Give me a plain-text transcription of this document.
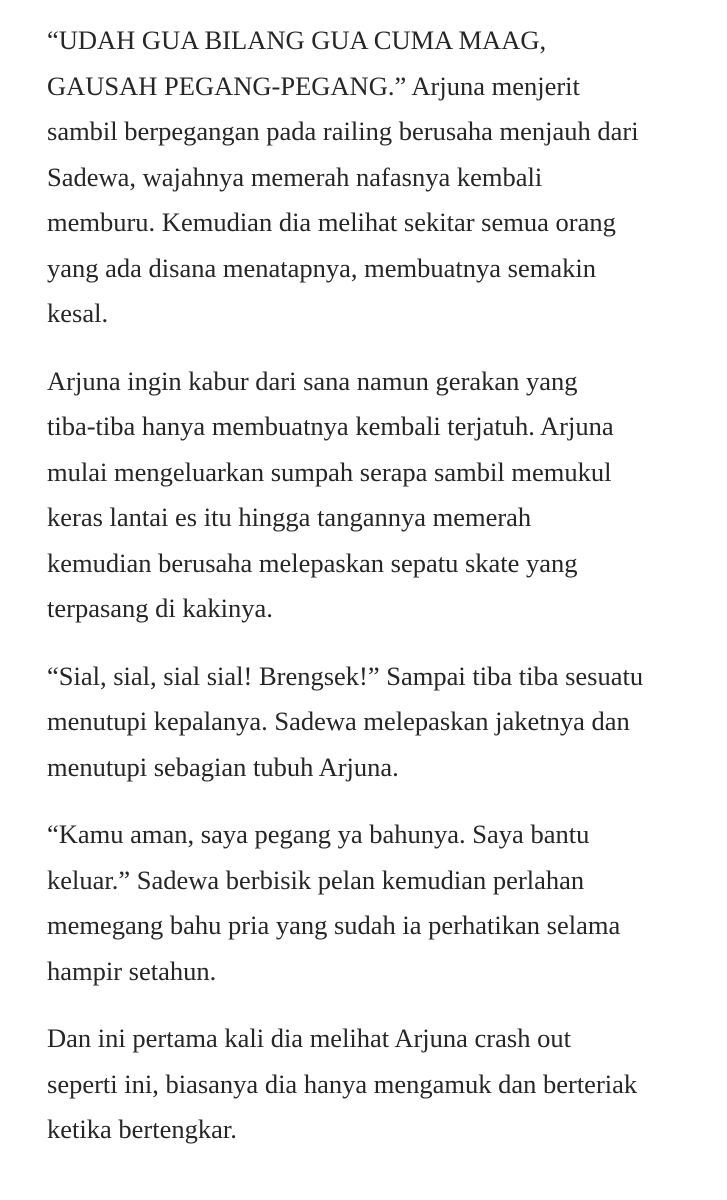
“UDAH GUA BILANG GUA CUMA MAAG,
GAUSAH PEGANG-PEGANG.” Arjuna menjerit
sambil berpegangan pada railing berusaha menjauh dari
Sadewa, wajahnya memerah nafasnya kembali
memburu. Kemudian dia melihat sekitar semua orang
yang ada disana menatapnya, membuatnya semakin
kesal.

Arjuna ingin kabur dari sana namun gerakan yang
tiba-tiba hanya membuatnya kembali terjatuh. Arjuna
mulai mengeluarkan sumpah serapa sambil memukul
keras lantai es itu hingga tangannya memerah
kemudian berusaha melepaskan sepatu skate yang
terpasang di kakinya.

“Sial, sial, sial sial! Brengsek!” Sampai tiba tiba sesuatu
menutupi kepalanya. Sadewa melepaskan jaketnya dan
menutupi sebagian tubuh Arjuna.

“Kamu aman, saya pegang ya bahunya. Saya bantu
keluar.” Sadewa berbisik pelan kemudian perlahan
memegang bahu pria yang sudah ia perhatikan selama
hampir setahun.

Dan ini pertama kali dia melihat Arjuna crash out
seperti ini, biasanya dia hanya mengamuk dan berteriak
ketika bertengkar.
